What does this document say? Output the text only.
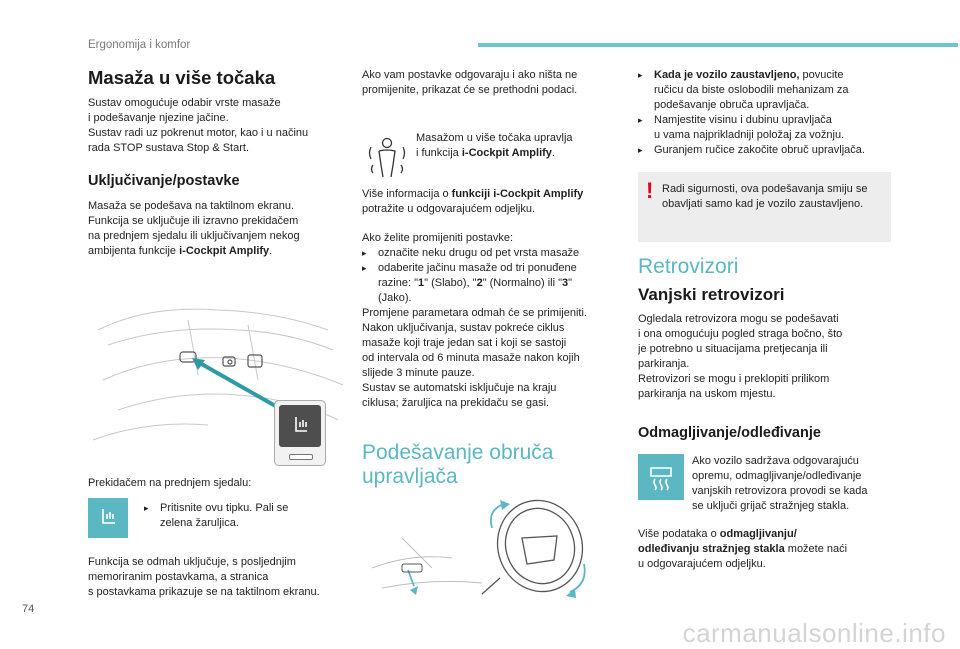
Ergonomija i komfor
74
carmanualsonline.info
Masaža u više točaka

Sustav omogućuje odabir vrste masaže

i podešavanje njezine jačine.

Sustav radi uz pokrenut motor, kao i u načinu

rada STOP sustava Stop & Start.

Uključivanje/postavke

Masaža se podešava na taktilnom ekranu.

Funkcija se uključuje ili izravno prekidačem

na prednjem sjedalu ili uključivanjem nekog

ambijenta funkcije i-Cockpit Amplify.

Prekidačem na prednjem sjedalu:

▸ Pritisnite ovu tipku. Pali se
zelena žaruljica.

Funkcija se odmah uključuje, s posljednjim

memoriranim postavkama, a stranica

s postavkama prikazuje se na taktilnom ekranu.

Ako vam postavke odgovaraju i ako ništa ne

promijenite, prikazat će se prethodni podaci.

Masažom u više točaka upravlja

i funkcija i-Cockpit Amplify.

Više informacija o funkciji i-Cockpit Amplify

potražite u odgovarajućem odjeljku.

Ako želite promijeniti postavke:

▸ označite neku drugu od pet vrsta masaže
▸ odaberite jačinu masaže od tri ponuđene
razine: "1" (Slabo), "2" (Normalno) ili "3"
(Jako).

Promjene parametara odmah će se primijeniti.

Nakon uključivanja, sustav pokreće ciklus

masaže koji traje jedan sat i koji se sastoji

od intervala od 6 minuta masaže nakon kojih

slijede 3 minute pauze.

Sustav se automatski isključuje na kraju

ciklusa; žaruljica na prekidaču se gasi.

Podešavanje obruča
upravljača
▸ Kada je vozilo zaustavljeno, povucite
ručicu da biste oslobodili mehanizam za
podešavanje obruča upravljača.
▸ Namjestite visinu i dubinu upravljača
u vama najprikladniji položaj za vožnju.
▸ Guranjem ručice zakočite obruč upravljača.
! Radi sigurnosti, ova podešavanja smiju se

obavljati samo kad je vozilo zaustavljeno.

Retrovizori
Vanjski retrovizori

Ogledala retrovizora mogu se podešavati

i ona omogućuju pogled straga bočno, što

je potrebno u situacijama pretjecanja ili

parkiranja.

Retrovizori se mogu i preklopiti prilikom

parkiranja na uskom mjestu.

Odmagljivanje/odleđivanje

Ako vozilo sadržava odgovarajuću

opremu, odmagljivanje/odleđivanje

vanjskih retrovizora provodi se kada

se uključi grijač stražnjeg stakla.

Više podataka o odmagljivanju/

odleđivanju stražnjeg stakla možete naći

u odgovarajućem odjeljku.
